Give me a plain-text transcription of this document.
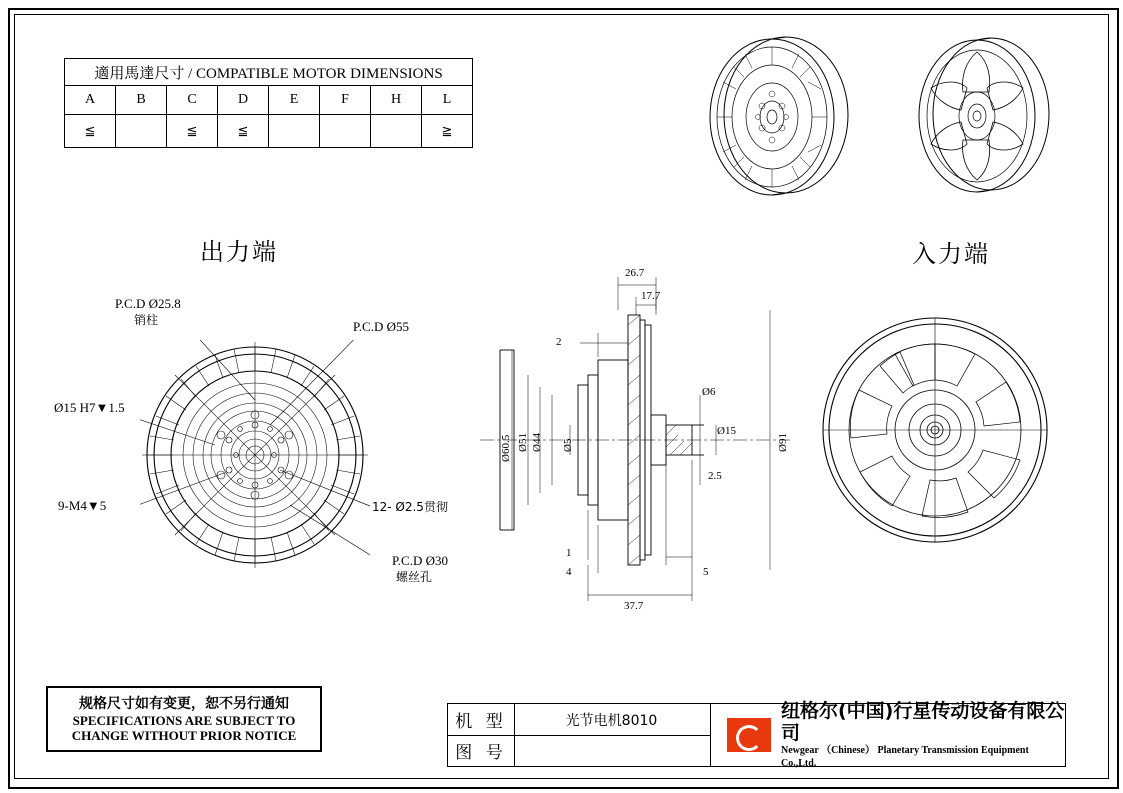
適用馬達尺寸 / COMPATIBLE MOTOR DIMENSIONS							
A	B	C	D	E	F	H	L
≦		≦	≦				≧
出力端	入力端
P.C.D Ø25.8
销柱	P.C.D Ø55
Ø15 H7▼1.5
9-M4▼5	12- Ø2.5贯彻
P.C.D Ø30
螺丝孔
26.7
17.7
2
Ø60.5 Ø51 Ø44 Ø5
Ø6
Ø15
2.5
Ø91
1
4	5
37.7
规格尺寸如有变更，恕不另行通知
SPECIFICATIONS ARE SUBJECT TO
CHANGE WITHOUT PRIOR NOTICE
机 型	光节电机8010
图 号
纽格尔(中国)行星传动设备有限公司
Newgear （Chinese） Planetary Transmission Equipment Co.,Ltd.
